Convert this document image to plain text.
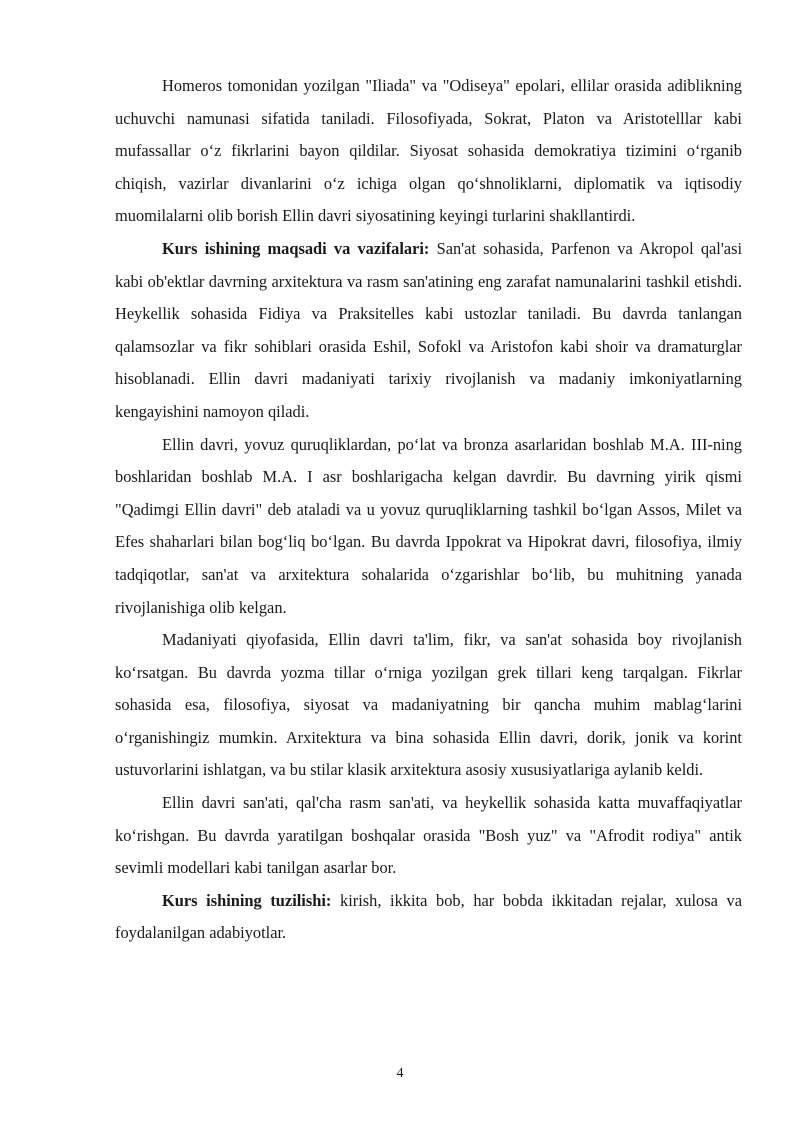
Homeros tomonidan yozilgan "Iliada" va "Odiseya" epolari, ellilar orasida adiblikning uchuvchi namunasi sifatida taniladi. Filosofiyada, Sokrat, Platon va Aristotelllar kabi mufassallar o‘z fikrlarini bayon qildilar. Siyosat sohasida demokratiya tizimini o‘rganib chiqish, vazirlar divanlarini o‘z ichiga olgan qo‘shnoliklarni, diplomatik va iqtisodiy muomilalarni olib borish Ellin davri siyosatining keyingi turlarini shakllantirdi.

Kurs ishining maqsadi va vazifalari: San'at sohasida, Parfenon va Akropol qal'asi kabi ob'ektlar davrning arxitektura va rasm san'atining eng zarafat namunalarini tashkil etishdi. Heykellik sohasida Fidiya va Praksitelles kabi ustozlar taniladi. Bu davrda tanlangan qalamsozlar va fikr sohiblari orasida Eshil, Sofokl va Aristofon kabi shoir va dramaturglar hisoblanadi. Ellin davri madaniyati tarixiy rivojlanish va madaniy imkoniyatlarning kengayishini namoyon qiladi.

Ellin davri, yovuz quruqliklardan, po‘lat va bronza asarlaridan boshlab M.A. III-ning boshlaridan boshlab M.A. I asr boshlarigacha kelgan davrdir. Bu davrning yirik qismi "Qadimgi Ellin davri" deb ataladi va u yovuz quruqliklarning tashkil bo‘lgan Assos, Milet va Efes shaharlari bilan bog‘liq bo‘lgan. Bu davrda Ippokrat va Hipokrat davri, filosofiya, ilmiy tadqiqotlar, san'at va arxitektura sohalarida o‘zgarishlar bo‘lib, bu muhitning yanada rivojlanishiga olib kelgan.

Madaniyati qiyofasida, Ellin davri ta'lim, fikr, va san'at sohasida boy rivojlanish ko‘rsatgan. Bu davrda yozma tillar o‘rniga yozilgan grek tillari keng tarqalgan. Fikrlar sohasida esa, filosofiya, siyosat va madaniyatning bir qancha muhim mablag‘larini o‘rganishingiz mumkin. Arxitektura va bina sohasida Ellin davri, dorik, jonik va korint ustuvorlarini ishlatgan, va bu stilar klasik arxitektura asosiy xususiyatlariga aylanib keldi.

Ellin davri san'ati, qal'cha rasm san'ati, va heykellik sohasida katta muvaffaqiyatlar ko‘rishgan. Bu davrda yaratilgan boshqalar orasida "Bosh yuz" va "Afrodit rodiya" antik sevimli modellari kabi tanilgan asarlar bor.

Kurs ishining tuzilishi: kirish, ikkita bob, har bobda ikkitadan rejalar, xulosa va foydalanilgan adabiyotlar.

4
